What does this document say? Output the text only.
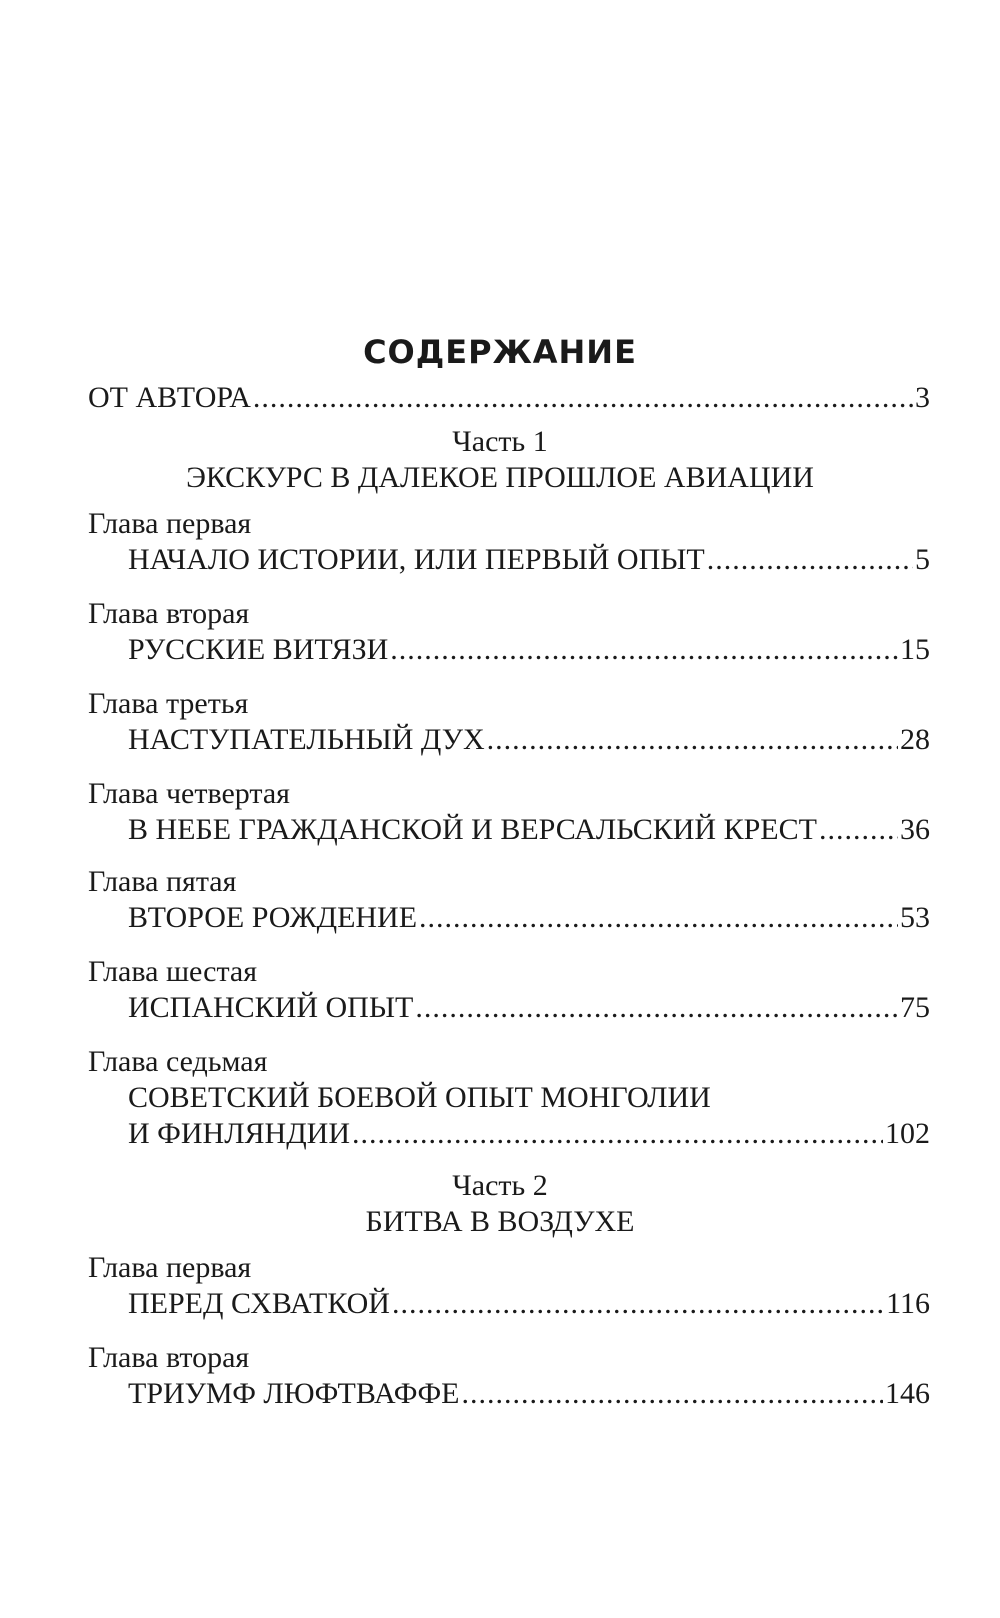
СОДЕРЖАНИЕ
ОТ АВТОРА .....	3
Часть 1
ЭКСКУРС В ДАЛЕКОЕ ПРОШЛОЕ АВИАЦИИ
Глава первая
НАЧАЛО ИСТОРИИ, ИЛИ ПЕРВЫЙ ОПЫТ .....	5
Глава вторая
РУССКИЕ ВИТЯЗИ .....	15
Глава третья
НАСТУПАТЕЛЬНЫЙ ДУХ .....	28
Глава четвертая
В НЕБЕ ГРАЖДАНСКОЙ И ВЕРСАЛЬСКИЙ КРЕСТ .....	36
Глава пятая
ВТОРОЕ РОЖДЕНИЕ .....	53
Глава шестая
ИСПАНСКИЙ ОПЫТ .....	75
Глава седьмая
СОВЕТСКИЙ БОЕВОЙ ОПЫТ МОНГОЛИИ
И ФИНЛЯНДИИ .....	102
Часть 2
БИТВА В ВОЗДУХЕ
Глава первая
ПЕРЕД СХВАТКОЙ .....	116
Глава вторая
ТРИУМФ ЛЮФТВАФФЕ .....	146
